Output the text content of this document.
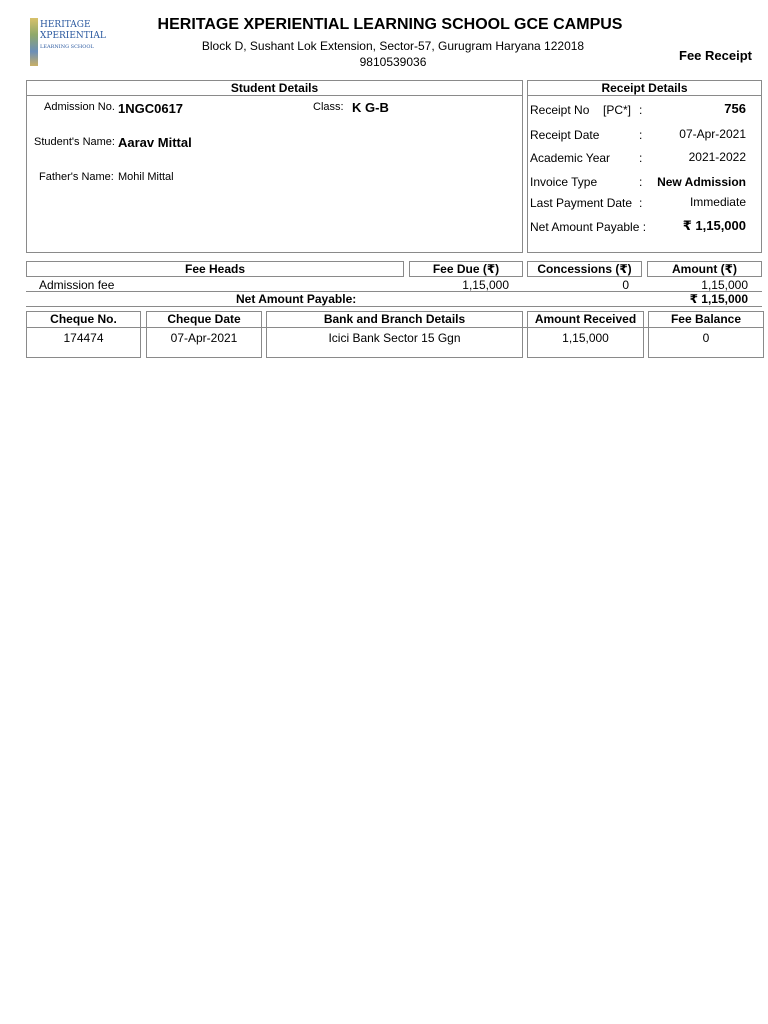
HERITAGE
XPERIENTIAL
LEARNING SCHOOL
HERITAGE XPERIENTIAL LEARNING SCHOOL GCE CAMPUS
Block D, Sushant Lok Extension, Sector-57, Gurugram Haryana 122018
9810539036	Fee Receipt
Student Details
Admission No. 1NGC0617	Class: K G-B
Student's Name: Aarav Mittal
Father's Name: Mohil Mittal
Receipt Details
Receipt No [PC*] :	756
Receipt Date	:	07-Apr-2021
Academic Year :	2021-2022
Invoice Type	:	New Admission
Last Payment Date :	Immediate
Net Amount Payable :	₹ 1,15,000
Fee Heads	Fee Due (₹)	Concessions (₹)	Amount (₹)
Admission fee	1,15,000	0	1,15,000
Net Amount Payable:	₹ 1,15,000
Cheque No.	Cheque Date	Bank and Branch Details	Amount Received	Fee Balance
174474	07-Apr-2021	Icici Bank Sector 15 Ggn	1,15,000	0
